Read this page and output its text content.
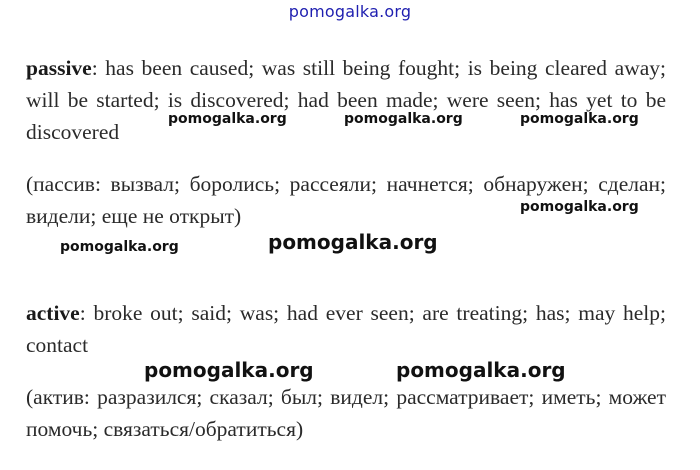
pomogalka.org
passive: has been caused; was still being fought; is being cleared away; will be started; is discovered; had been made; were seen; has yet to be discovered
(пассив: вызвал; боролись; рассеяли; начнется; обнаружен; сделан; видели; еще не открыт)
active: broke out; said; was; had ever seen; are treating; has; may help; contact
(актив: разразился; сказал; был; видел; рассматривает; иметь; может помочь; связаться/обратиться)
pomogalka.org	pomogalka.org	pomogalka.org
pomogalka.org
pomogalka.org	pomogalka.org
pomogalka.org	pomogalka.org
